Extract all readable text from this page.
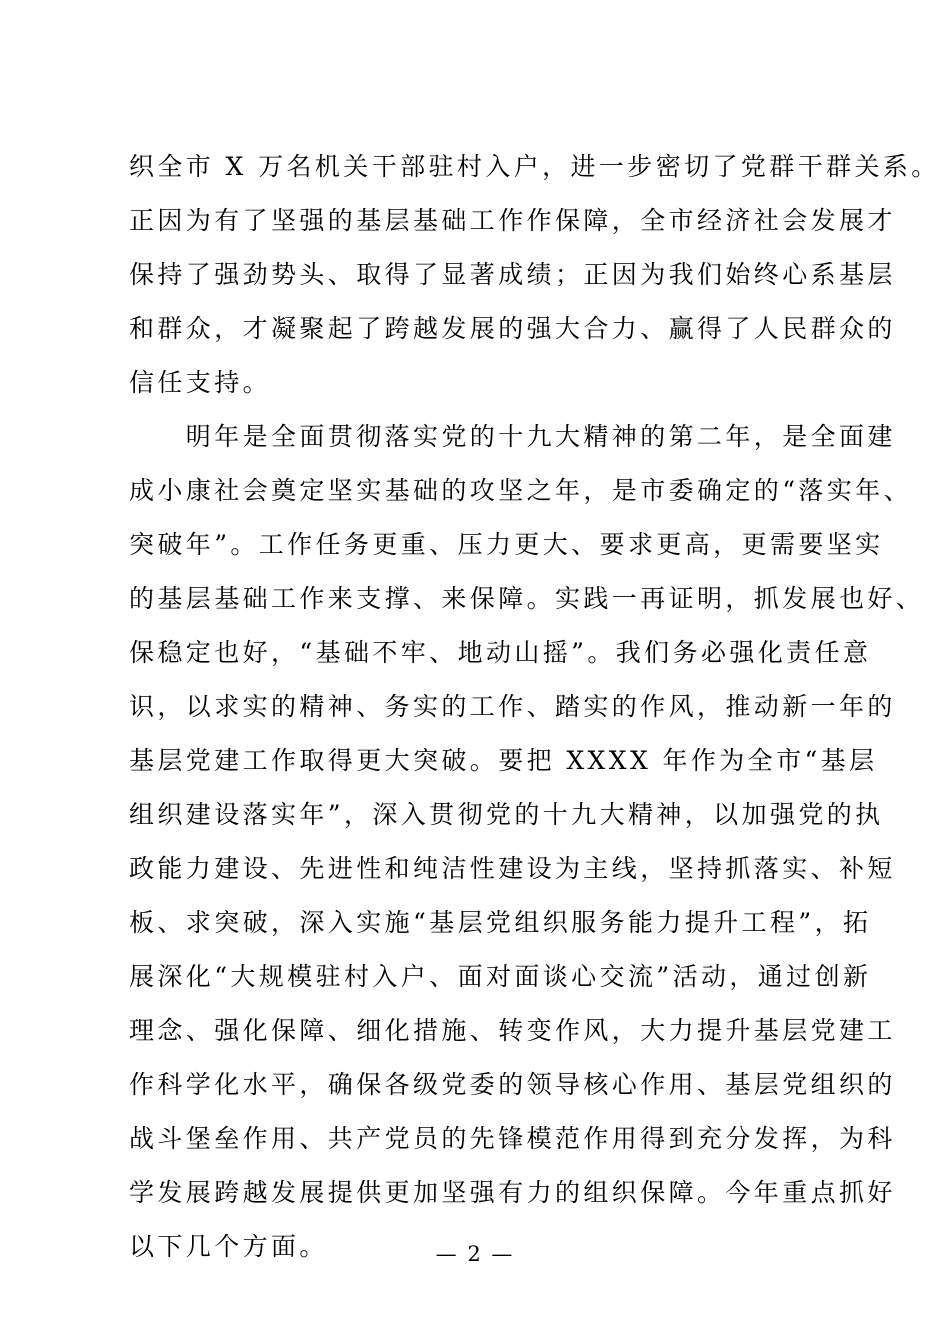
织全市 X 万名机关干部驻村入户，进一步密切了党群干群关系。
正因为有了坚强的基层基础工作作保障，全市经济社会发展才
保持了强劲势头、取得了显著成绩；正因为我们始终心系基层
和群众，才凝聚起了跨越发展的强大合力、赢得了人民群众的
信任支持。
　　明年是全面贯彻落实党的十九大精神的第二年，是全面建
成小康社会奠定坚实基础的攻坚之年，是市委确定的“落实年、
突破年”。工作任务更重、压力更大、要求更高，更需要坚实
的基层基础工作来支撑、来保障。实践一再证明，抓发展也好、
保稳定也好，“基础不牢、地动山摇”。我们务必强化责任意
识，以求实的精神、务实的工作、踏实的作风，推动新一年的
基层党建工作取得更大突破。要把 XXXX 年作为全市“基层
组织建设落实年”，深入贯彻党的十九大精神，以加强党的执
政能力建设、先进性和纯洁性建设为主线，坚持抓落实、补短
板、求突破，深入实施“基层党组织服务能力提升工程”，拓
展深化“大规模驻村入户、面对面谈心交流”活动，通过创新
理念、强化保障、细化措施、转变作风，大力提升基层党建工
作科学化水平，确保各级党委的领导核心作用、基层党组织的
战斗堡垒作用、共产党员的先锋模范作用得到充分发挥，为科
学发展跨越发展提供更加坚强有力的组织保障。今年重点抓好
以下几个方面。	— 2 —
